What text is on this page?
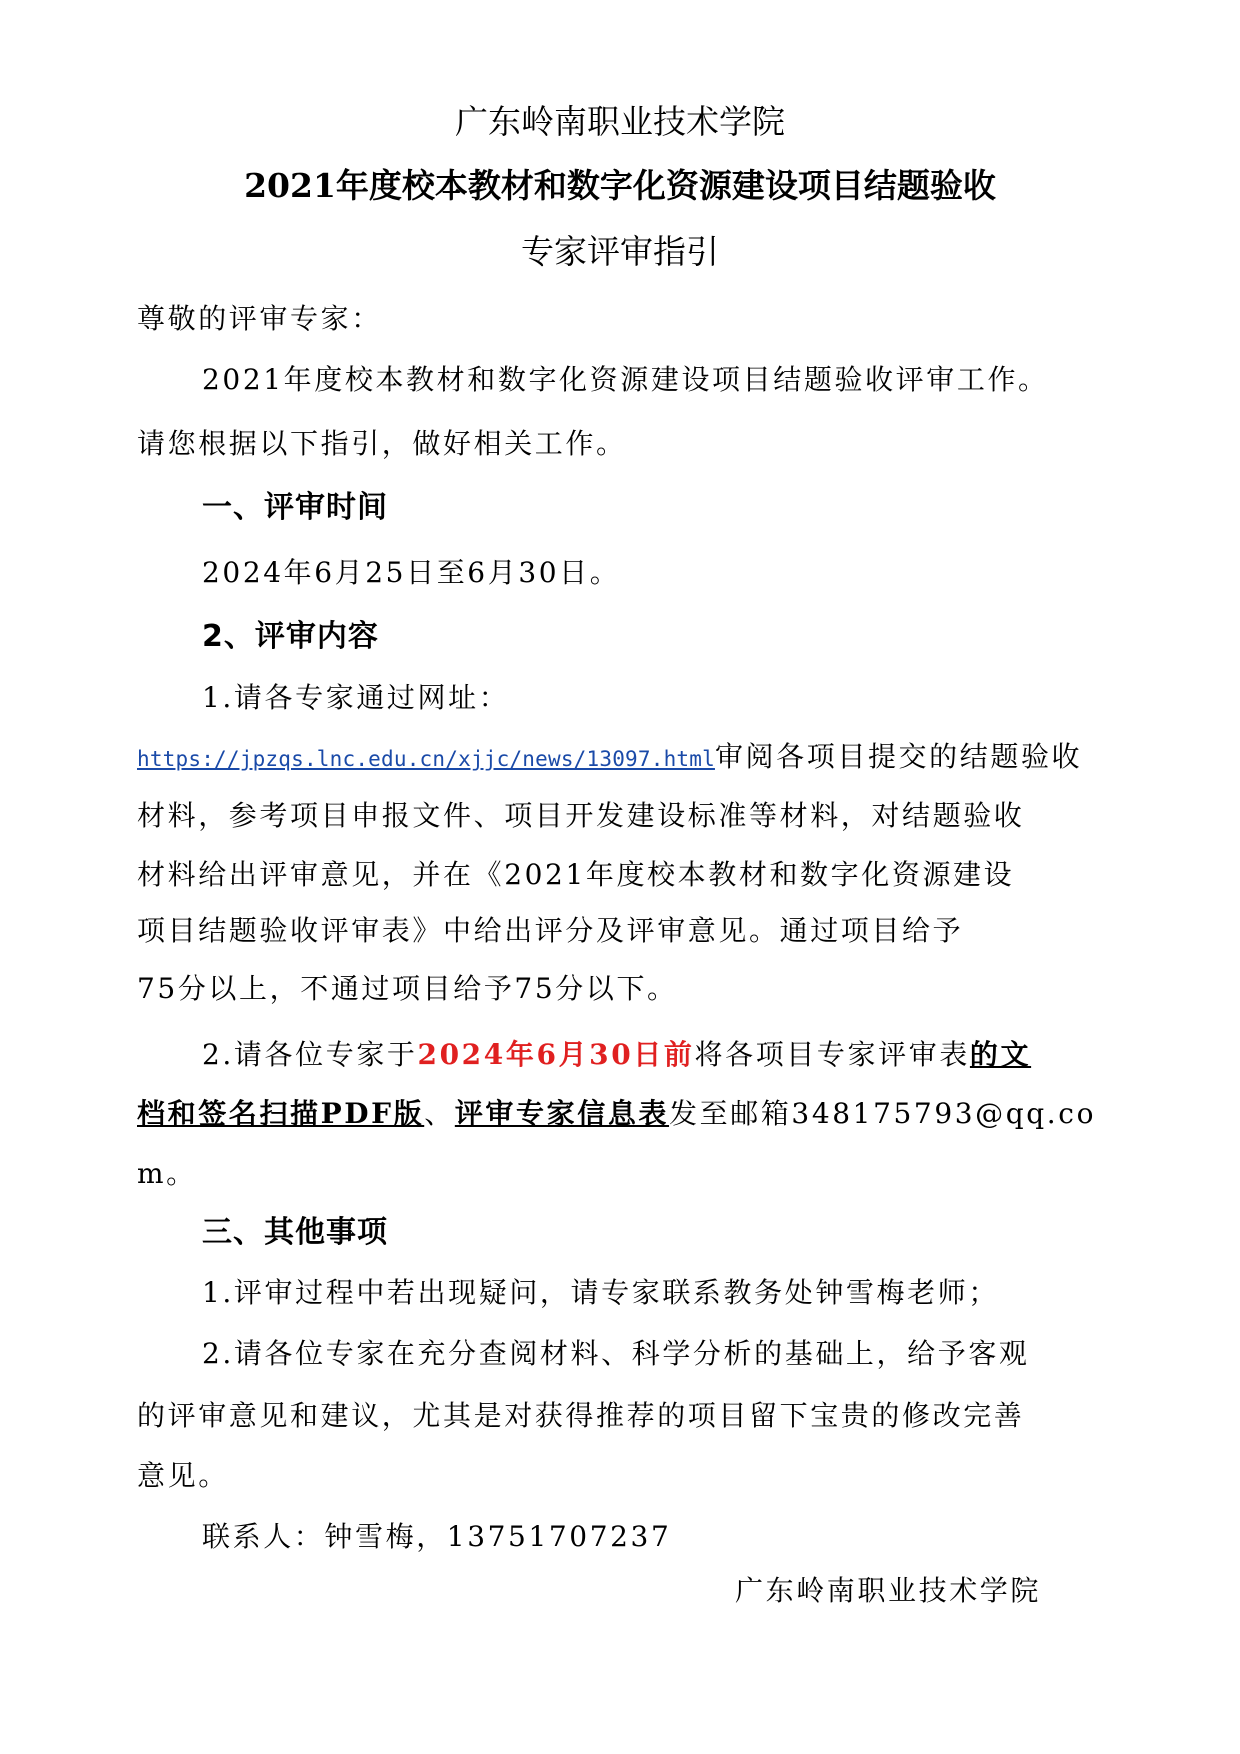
广东岭南职业技术学院
2021年度校本教材和数字化资源建设项目结题验收
专家评审指引
尊敬的评审专家：
2021年度校本教材和数字化资源建设项目结题验收评审工作。
请您根据以下指引，做好相关工作。
一、评审时间
2024年6月25日至6月30日。
2、评审内容
1.请各专家通过网址：
https://jpzqs.lnc.edu.cn/xjjc/news/13097.html审阅各项目提交的结题验收
材料，参考项目申报文件、项目开发建设标准等材料，对结题验收
材料给出评审意见，并在《2021年度校本教材和数字化资源建设
项目结题验收评审表》中给出评分及评审意见。通过项目给予
75分以上，不通过项目给予75分以下。
2.请各位专家于2024年6月30日前将各项目专家评审表的文
档和签名扫描PDF版、评审专家信息表发至邮箱348175793@qq.co
m。
三、其他事项
1.评审过程中若出现疑问，请专家联系教务处钟雪梅老师；
2.请各位专家在充分查阅材料、科学分析的基础上，给予客观
的评审意见和建议，尤其是对获得推荐的项目留下宝贵的修改完善
意见。
联系人：钟雪梅，13751707237
广东岭南职业技术学院
